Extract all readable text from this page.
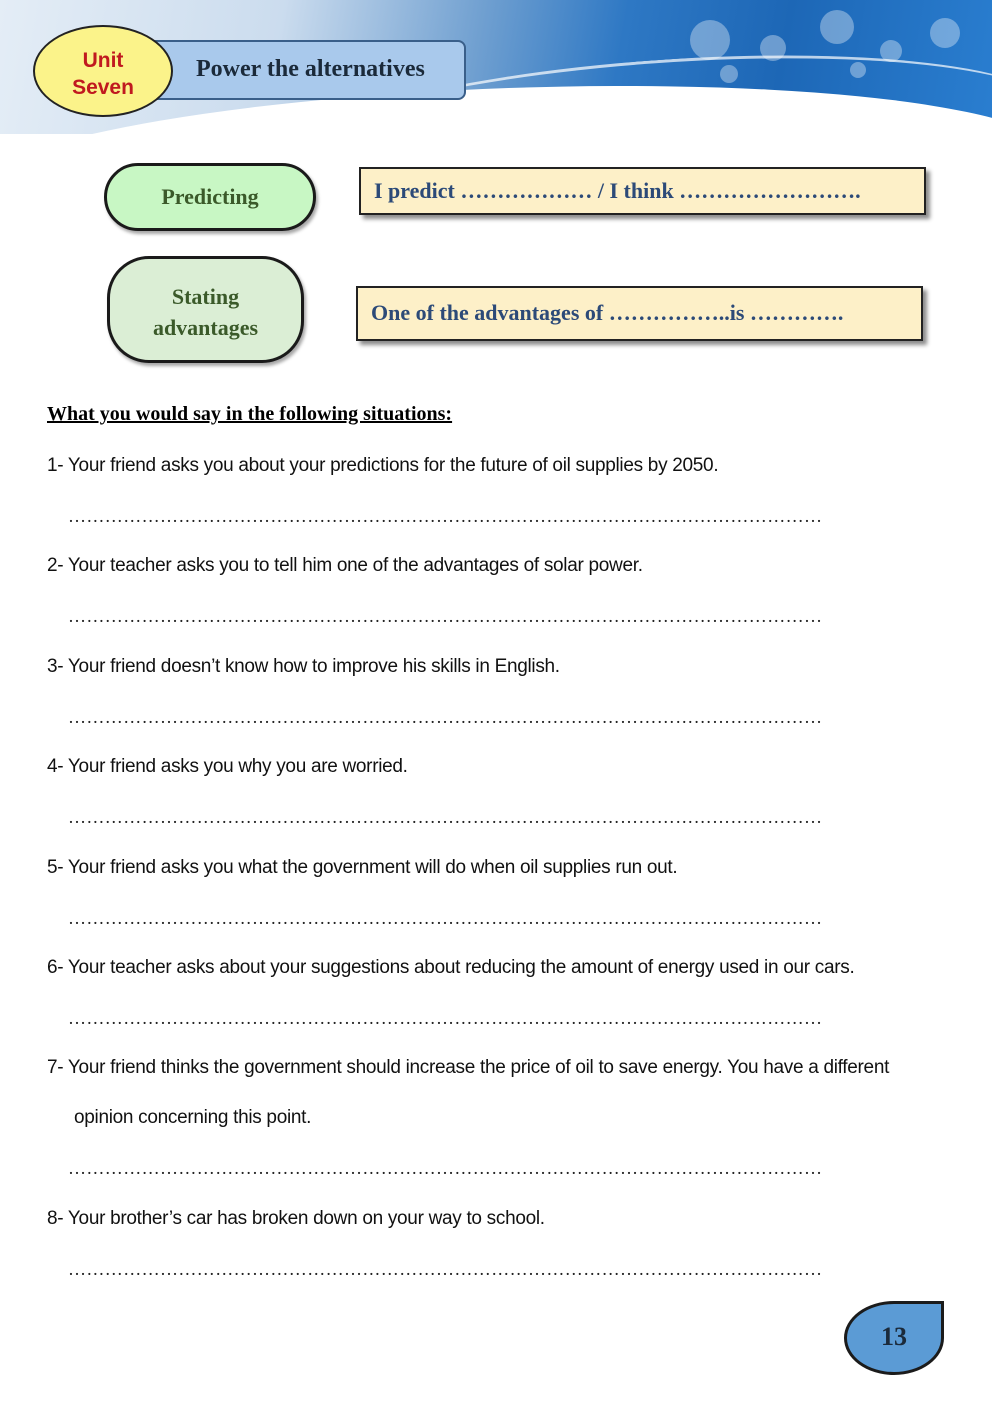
Power the alternatives
Unit
Seven
Predicting	I predict ……………… / I think …………………….
Stating
advantages
One of the advantages of ……………..is ………….
What you would say in the following situations:
1- Your friend asks you about your predictions for the future of oil supplies by 2050.
……………………………………………………………………………………………………………
2- Your teacher asks you to tell him one of the advantages of solar power.
……………………………………………………………………………………………………………
3- Your friend doesn’t know how to improve his skills in English.
……………………………………………………………………………………………………………
4- Your friend asks you why you are worried.
……………………………………………………………………………………………………………
5- Your friend asks you what the government will do when oil supplies run out.
……………………………………………………………………………………………………………
6- Your teacher asks about your suggestions about reducing the amount of energy used in our cars.
……………………………………………………………………………………………………………
7- Your friend thinks the government should increase the price of oil to save energy. You have a different
opinion concerning this point.
……………………………………………………………………………………………………………
8- Your brother’s car has broken down on your way to school.
……………………………………………………………………………………………………………
13
